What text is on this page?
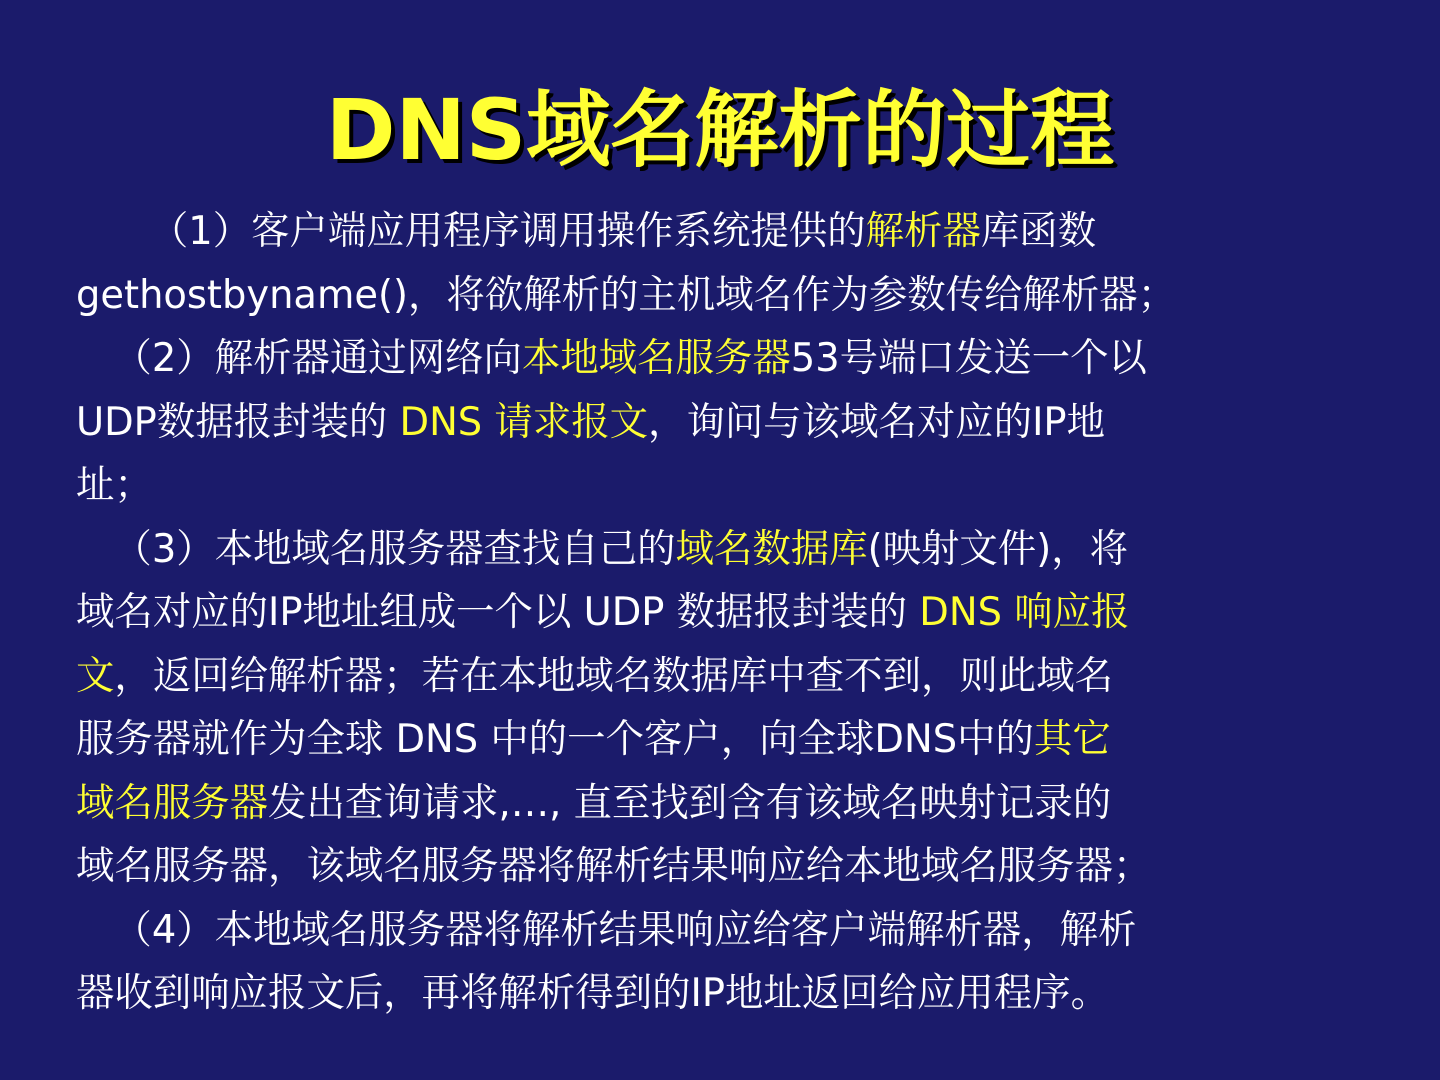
DNS域名解析的过程

（1）客户端应用程序调用操作系统提供的解析器库函数

gethostbyname()，将欲解析的主机域名作为参数传给解析器；

（2）解析器通过网络向本地域名服务器53号端口发送一个以

UDP数据报封装的 DNS 请求报文，询问与该域名对应的IP地

址；

（3）本地域名服务器查找自己的域名数据库(映射文件)，将

域名对应的IP地址组成一个以 UDP 数据报封装的 DNS 响应报

文，返回给解析器；若在本地域名数据库中查不到，则此域名

服务器就作为全球 DNS 中的一个客户，向全球DNS中的其它

域名服务器发出查询请求,…, 直至找到含有该域名映射记录的

域名服务器，该域名服务器将解析结果响应给本地域名服务器；

（4）本地域名服务器将解析结果响应给客户端解析器，解析

器收到响应报文后，再将解析得到的IP地址返回给应用程序。
